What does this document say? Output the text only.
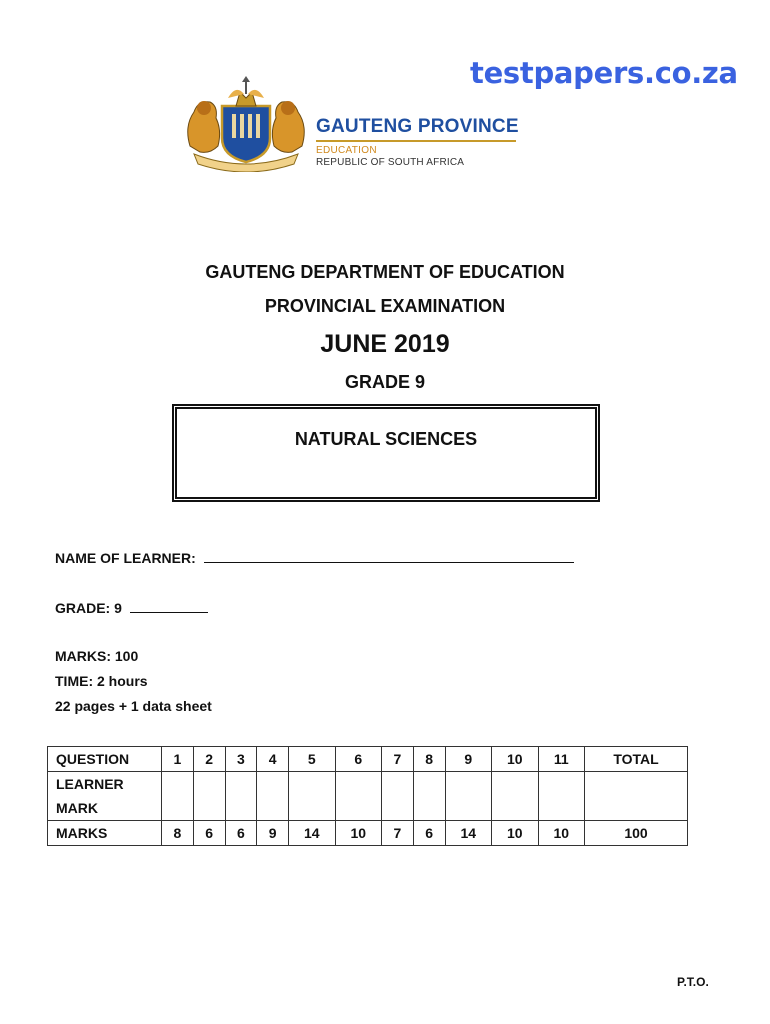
testpapers.co.za
GAUTENG PROVINCE
EDUCATION
REPUBLIC OF SOUTH AFRICA
GAUTENG DEPARTMENT OF EDUCATION
PROVINCIAL EXAMINATION
JUNE 2019
GRADE 9
NATURAL SCIENCES
NAME OF LEARNER:
GRADE: 9
MARKS: 100
TIME: 2 hours
22 pages + 1 data sheet
QUESTION	1	2	3	4	5	6	7	8	9	10	11	TOTAL
LEARNER
MARK												
MARKS	8	6	6	9	14	10	7	6	14	10	10	100
P.T.O.
